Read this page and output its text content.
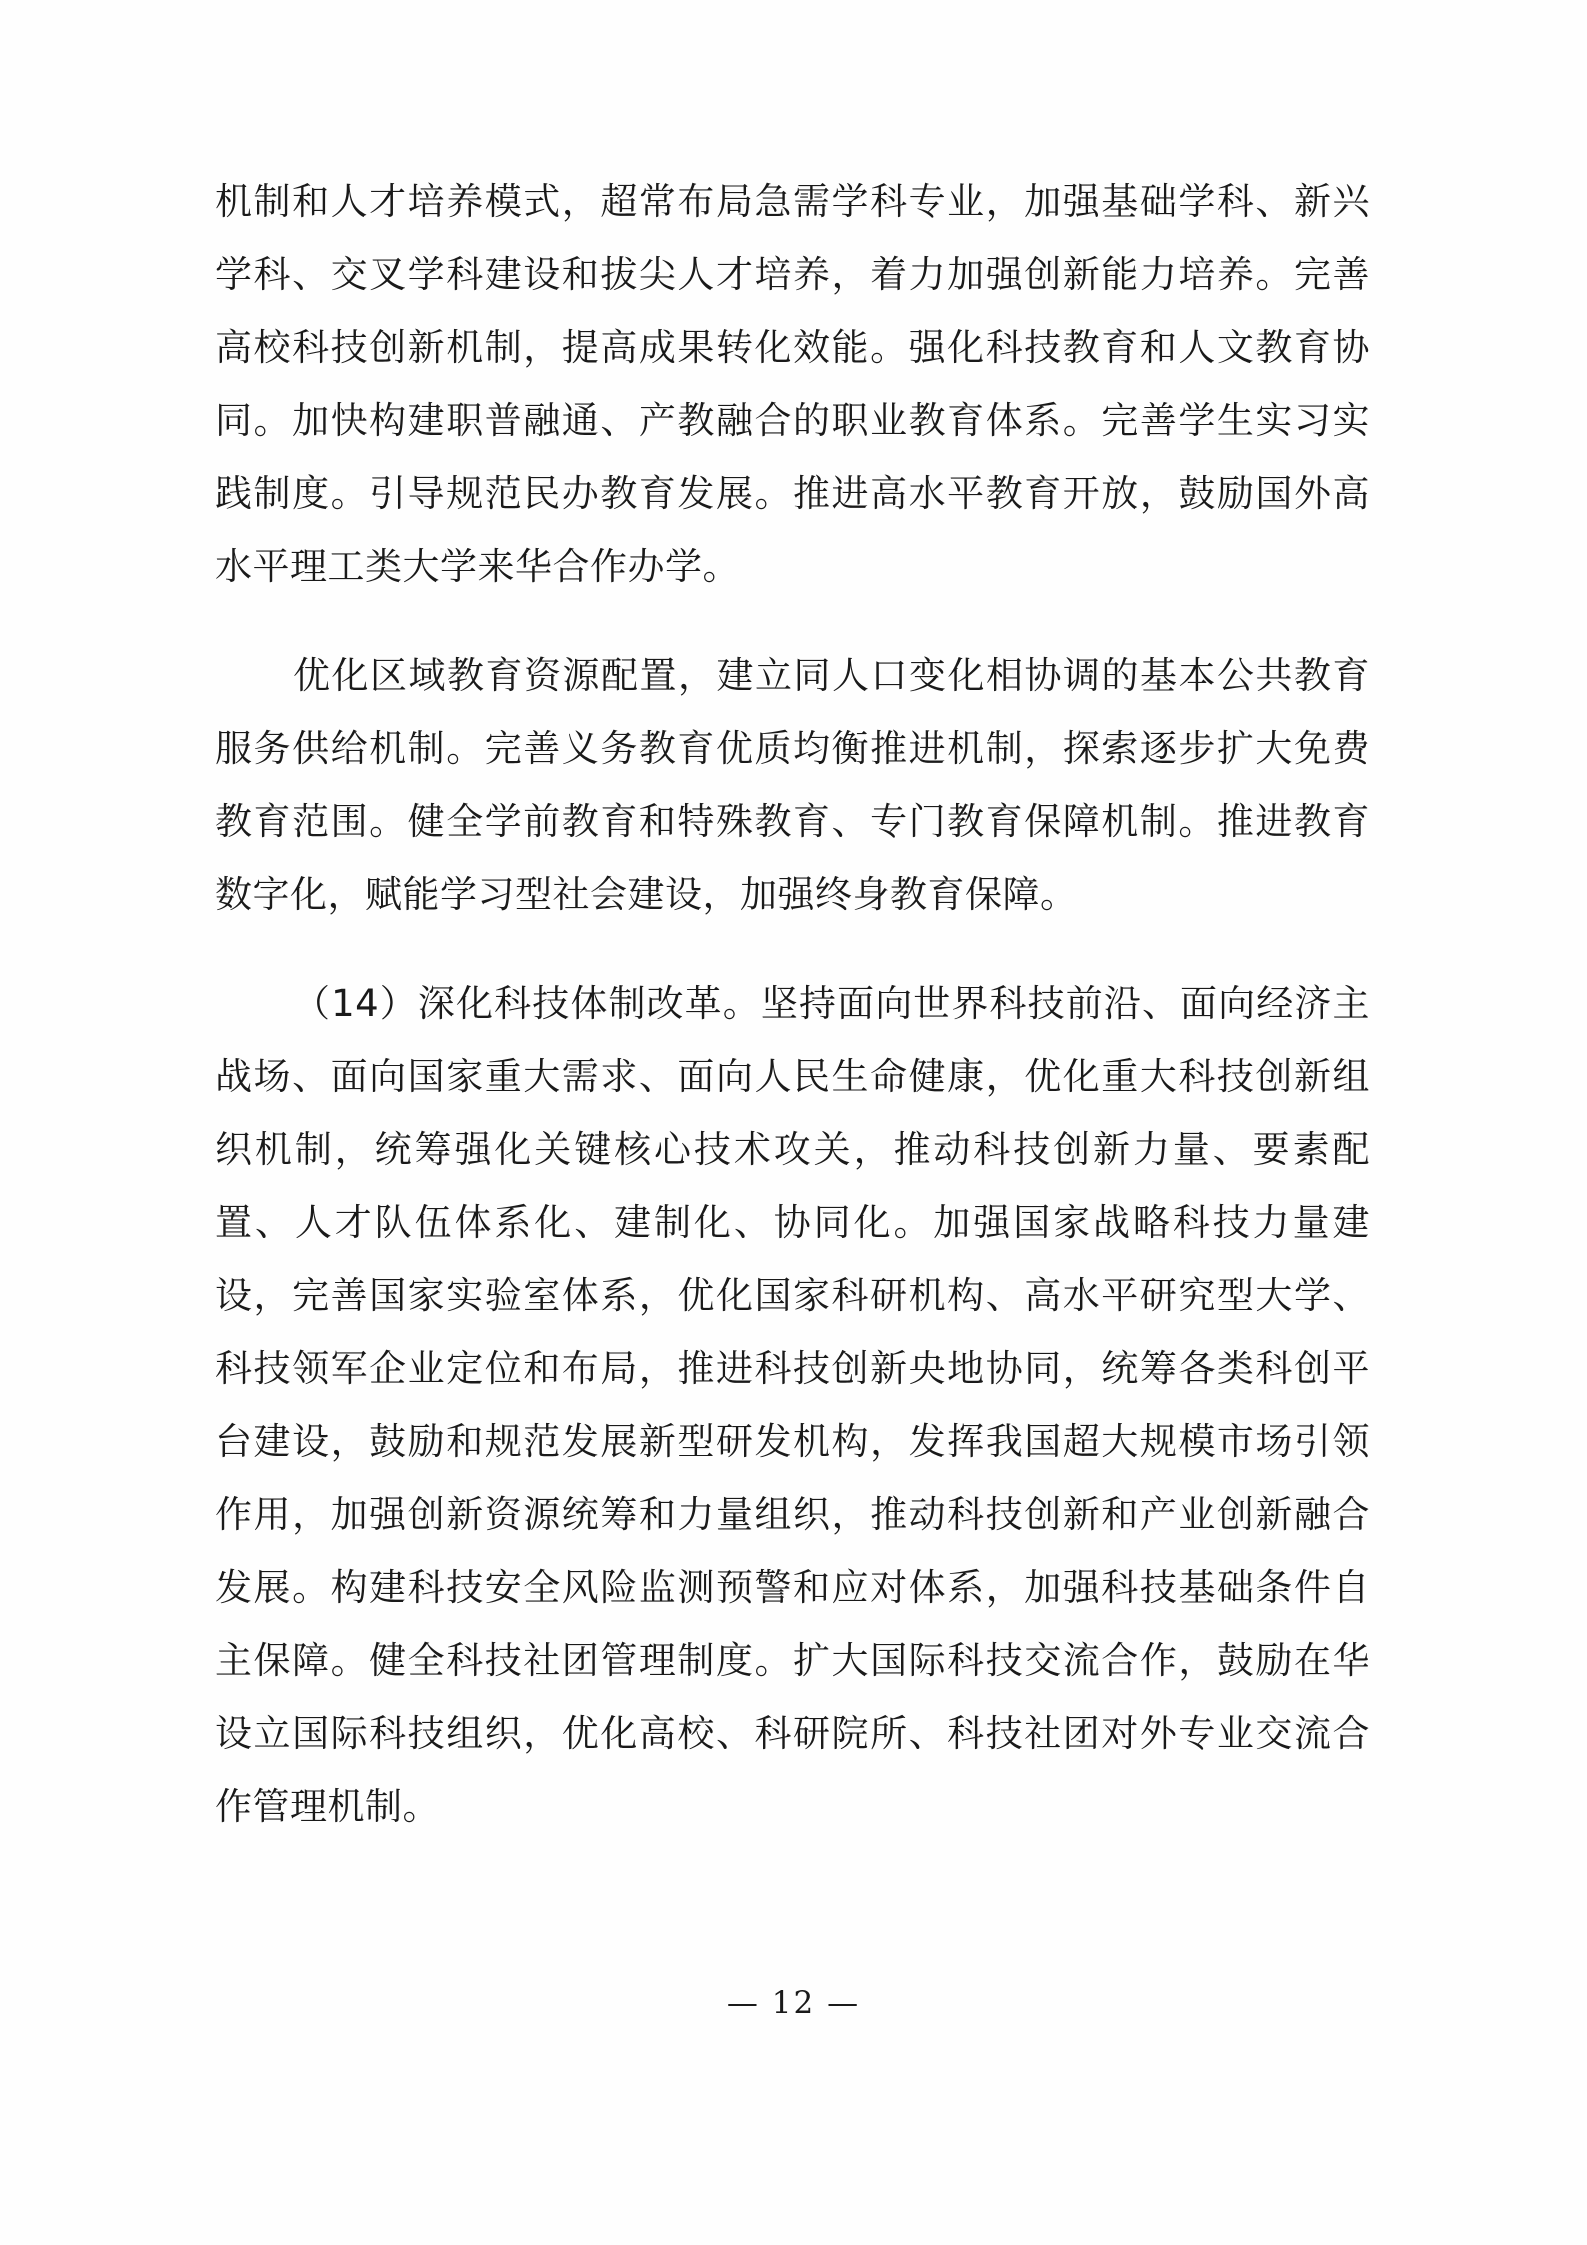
机制和人才培养模式，超常布局急需学科专业，加强基础学科、新兴学科、交叉学科建设和拔尖人才培养，着力加强创新能力培养。完善高校科技创新机制，提高成果转化效能。强化科技教育和人文教育协同。加快构建职普融通、产教融合的职业教育体系。完善学生实习实践制度。引导规范民办教育发展。推进高水平教育开放，鼓励国外高水平理工类大学来华合作办学。

优化区域教育资源配置，建立同人口变化相协调的基本公共教育服务供给机制。完善义务教育优质均衡推进机制，探索逐步扩大免费教育范围。健全学前教育和特殊教育、专门教育保障机制。推进教育数字化，赋能学习型社会建设，加强终身教育保障。

（14）深化科技体制改革。坚持面向世界科技前沿、面向经济主战场、面向国家重大需求、面向人民生命健康，优化重大科技创新组织机制，统筹强化关键核心技术攻关，推动科技创新力量、要素配置、人才队伍体系化、建制化、协同化。加强国家战略科技力量建设，完善国家实验室体系，优化国家科研机构、高水平研究型大学、科技领军企业定位和布局，推进科技创新央地协同，统筹各类科创平台建设，鼓励和规范发展新型研发机构，发挥我国超大规模市场引领作用，加强创新资源统筹和力量组织，推动科技创新和产业创新融合发展。构建科技安全风险监测预警和应对体系，加强科技基础条件自主保障。健全科技社团管理制度。扩大国际科技交流合作，鼓励在华设立国际科技组织，优化高校、科研院所、科技社团对外专业交流合作管理机制。

— 12 —
